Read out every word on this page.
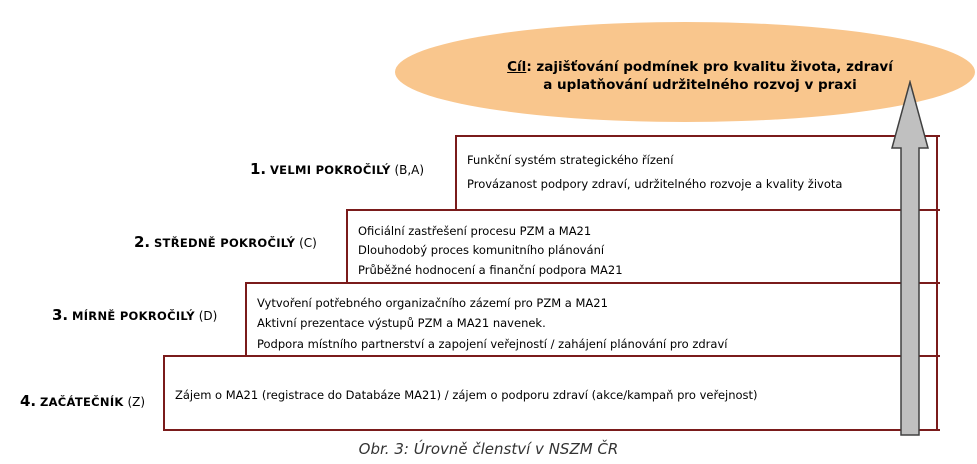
Cíl: zajišťování podmínek pro kvalitu života, zdraví
a uplatňování udržitelného rozvoj v praxi
Funkční systém strategického řízení
Provázanost podpory zdraví, udržitelného rozvoje a kvality života
Oficiální zastřešení procesu PZM a MA21
Dlouhodobý proces komunitního plánování
Průběžné hodnocení a finanční podpora MA21
Vytvoření potřebného organizačního zázemí pro PZM a MA21
Aktivní prezentace výstupů PZM a MA21 navenek.
Podpora místního partnerství a zapojení veřejností / zahájení plánování pro zdraví
Zájem o MA21 (registrace do Databáze MA21) / zájem o podporu zdraví (akce/kampaň pro veřejnost)
1. VELMI POKROČILÝ (B,A)
2. STŘEDNĚ POKROČILÝ (C)
3. MÍRNĚ POKROČILÝ (D)
4. ZAČÁTEČNÍK (Z)
Obr. 3: Úrovně členství v NSZM ČR
